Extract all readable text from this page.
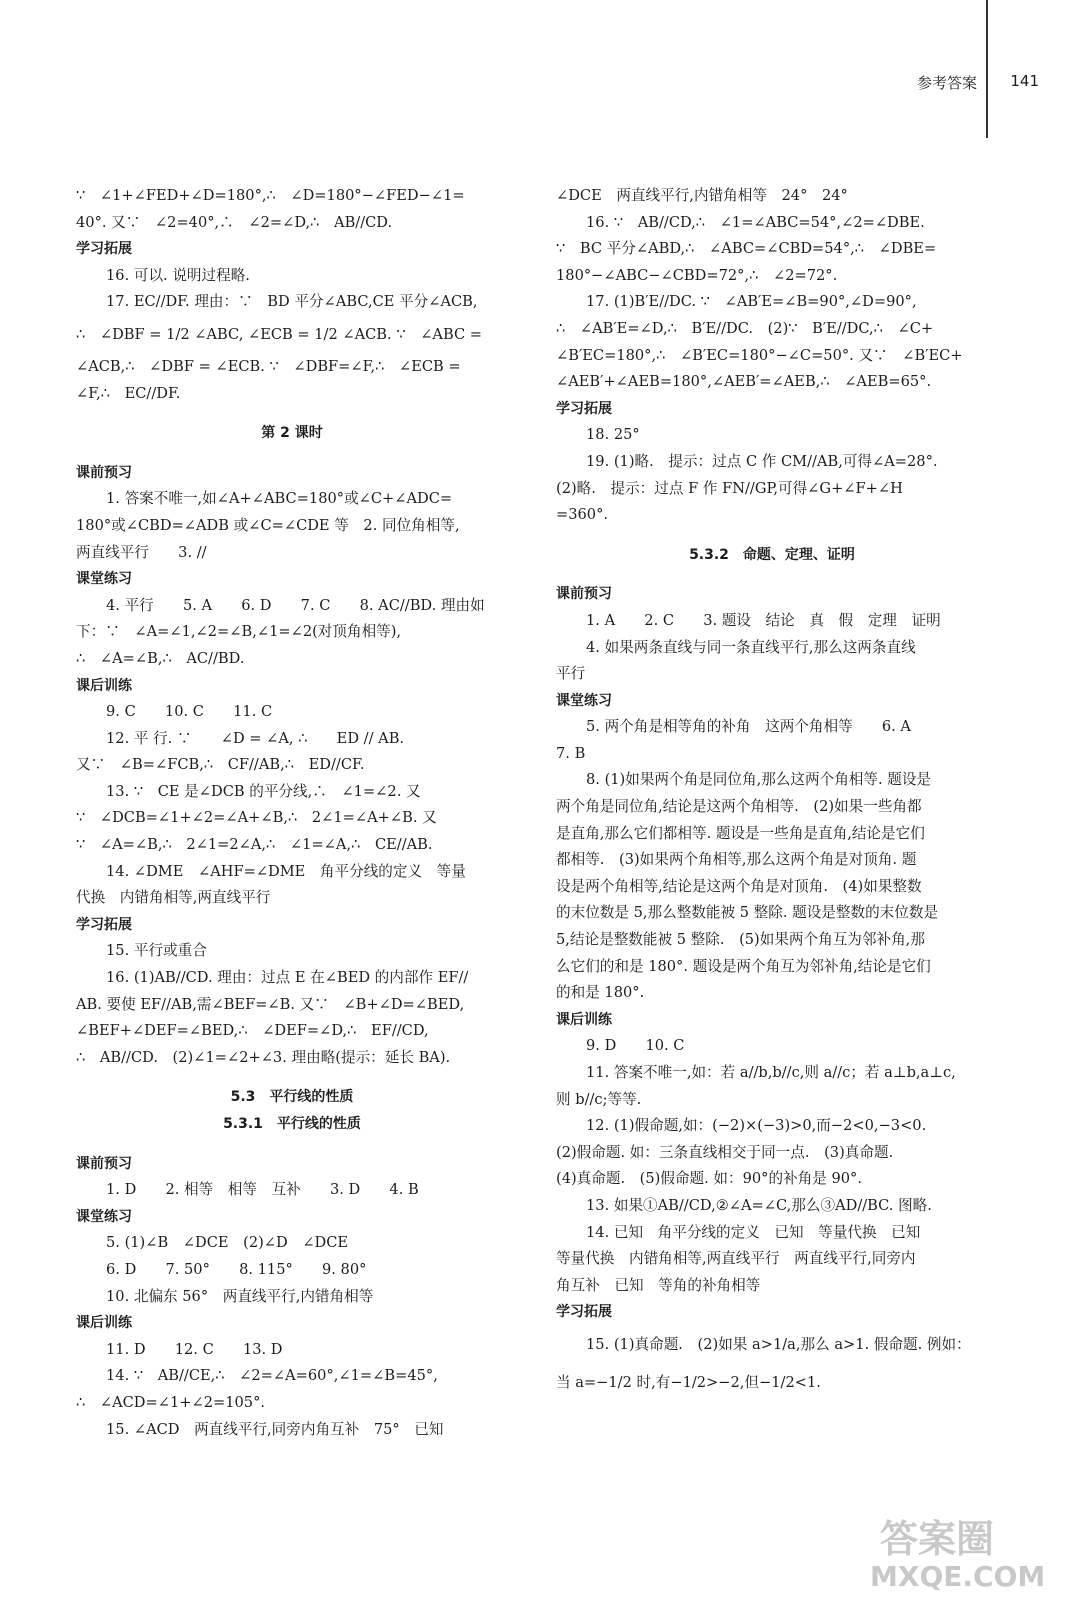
参考答案 141
∵　∠1+∠FED+∠D=180°,∴　∠D=180°−∠FED−∠1=
40°. 又∵　∠2=40°,∴　∠2=∠D,∴　AB//CD.
学习拓展
16. 可以. 说明过程略.
17. EC//DF. 理由：∵　BD 平分∠ABC,CE 平分∠ACB,
∴　∠DBF = 1/2 ∠ABC, ∠ECB = 1/2 ∠ACB. ∵　∠ABC =
∠ACB,∴　∠DBF = ∠ECB. ∵　∠DBF=∠F,∴　∠ECB =
∠F,∴　EC//DF.
第 2 课时
课前预习
1. 答案不唯一,如∠A+∠ABC=180°或∠C+∠ADC=
180°或∠CBD=∠ADB 或∠C=∠CDE 等　2. 同位角相等,
两直线平行　　3. //
课堂练习
4. 平行　　5. A　　6. D　　7. C　　8. AC//BD. 理由如
下：∵　∠A=∠1,∠2=∠B,∠1=∠2(对顶角相等),
∴　∠A=∠B,∴　AC//BD.
课后训练
9. C　　10. C　　11. C
12. 平 行. ∵　　∠D = ∠A, ∴　　ED // AB.
又∵　∠B=∠FCB,∴　CF//AB,∴　ED//CF.
13. ∵　CE 是∠DCB 的平分线,∴　∠1=∠2. 又
∵　∠DCB=∠1+∠2=∠A+∠B,∴　2∠1=∠A+∠B. 又
∵　∠A=∠B,∴　2∠1=2∠A,∴　∠1=∠A,∴　CE//AB.
14. ∠DME　∠AHF=∠DME　角平分线的定义　等量
代换　内错角相等,两直线平行
学习拓展
15. 平行或重合
16. (1)AB//CD. 理由：过点 E 在∠BED 的内部作 EF//
AB. 要使 EF//AB,需∠BEF=∠B. 又∵　∠B+∠D=∠BED,
∠BEF+∠DEF=∠BED,∴　∠DEF=∠D,∴　EF//CD,
∴　AB//CD.　(2)∠1=∠2+∠3. 理由略(提示：延长 BA).
5.3　平行线的性质
5.3.1　平行线的性质
课前预习
1. D　　2. 相等　相等　互补　　3. D　　4. B
课堂练习
5. (1)∠B　∠DCE　(2)∠D　∠DCE
6. D　　7. 50°　　8. 115°　　9. 80°
10. 北偏东 56°　两直线平行,内错角相等
课后训练
11. D　　12. C　　13. D
14. ∵　AB//CE,∴　∠2=∠A=60°,∠1=∠B=45°,
∴　∠ACD=∠1+∠2=105°.
15. ∠ACD　两直线平行,同旁内角互补　75°　已知
∠DCE　两直线平行,内错角相等　24°　24°
16. ∵　AB//CD,∴　∠1=∠ABC=54°,∠2=∠DBE.
∵　BC 平分∠ABD,∴　∠ABC=∠CBD=54°,∴　∠DBE=
180°−∠ABC−∠CBD=72°,∴　∠2=72°.
17. (1)B′E//DC. ∵　∠AB′E=∠B=90°,∠D=90°,
∴　∠AB′E=∠D,∴　B′E//DC.　(2)∵　B′E//DC,∴　∠C+
∠B′EC=180°,∴　∠B′EC=180°−∠C=50°. 又∵　∠B′EC+
∠AEB′+∠AEB=180°,∠AEB′=∠AEB,∴　∠AEB=65°.
学习拓展
18. 25°
19. (1)略.　提示：过点 C 作 CM//AB,可得∠A=28°.
(2)略.　提示：过点 F 作 FN//GP,可得∠G+∠F+∠H
=360°.
5.3.2　命题、定理、证明
课前预习
1. A　　2. C　　3. 题设　结论　真　假　定理　证明
4. 如果两条直线与同一条直线平行,那么这两条直线
平行
课堂练习
5. 两个角是相等角的补角　这两个角相等　　6. A
7. B
8. (1)如果两个角是同位角,那么这两个角相等. 题设是
两个角是同位角,结论是这两个角相等.　(2)如果一些角都
是直角,那么它们都相等. 题设是一些角是直角,结论是它们
都相等.　(3)如果两个角相等,那么这两个角是对顶角. 题
设是两个角相等,结论是这两个角是对顶角.　(4)如果整数
的末位数是 5,那么整数能被 5 整除. 题设是整数的末位数是
5,结论是整数能被 5 整除.　(5)如果两个角互为邻补角,那
么它们的和是 180°. 题设是两个角互为邻补角,结论是它们
的和是 180°.
课后训练
9. D　　10. C
11. 答案不唯一,如：若 a//b,b//c,则 a//c；若 a⊥b,a⊥c,
则 b//c;等等.
12. (1)假命题,如：(−2)×(−3)>0,而−2<0,−3<0.
(2)假命题. 如：三条直线相交于同一点.　(3)真命题.
(4)真命题.　(5)假命题. 如：90°的补角是 90°.
13. 如果①AB//CD,②∠A=∠C,那么③AD//BC. 图略.
14. 已知　角平分线的定义　已知　等量代换　已知
等量代换　内错角相等,两直线平行　两直线平行,同旁内
角互补　已知　等角的补角相等
学习拓展
15. (1)真命题.　(2)如果 a>1/a,那么 a>1. 假命题. 例如：
当 a=−1/2 时,有−1/2>−2,但−1/2<1.
答案圈
MXQE.COM
